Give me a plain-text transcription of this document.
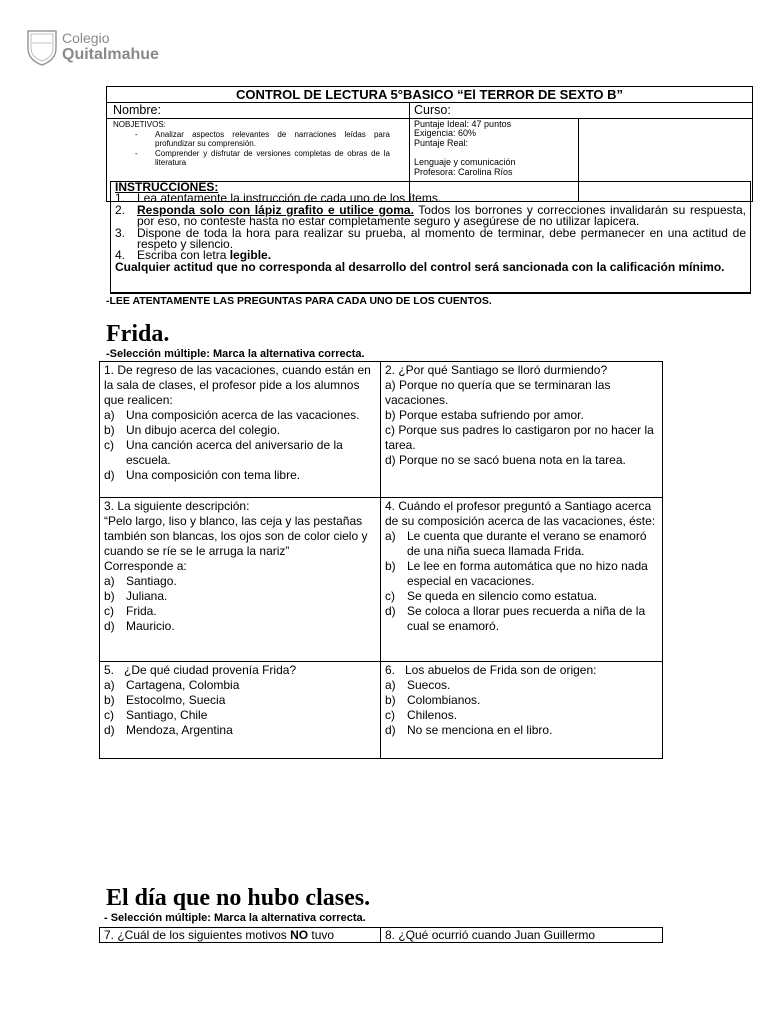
Colegio
Quitalmahue
CONTROL DE LECTURA 5°BASICO “El TERROR DE SEXTO B”
Nombre:	Curso:
NOBJETIVOS:
-	Analizar aspectos relevantes de narraciones leídas para profundizar su comprensión.
-	Comprender y disfrutar de versiones completas de obras de la literatura
Puntaje Ideal: 47 puntos
Exigencia: 60%
Puntaje Real:
Lenguaje y comunicación
Profesora: Carolina Ríos
INSTRUCCIONES:
1. Lea atentamente la instrucción de cada uno de los ítems.
2. Responda solo con lápiz grafito e utilice goma. Todos los borrones y correcciones invalidarán su respuesta, por eso, no conteste hasta no estar completamente seguro y asegúrese de no utilizar lapicera.
3. Dispone de toda la hora para realizar su prueba, al momento de terminar, debe permanecer en una actitud de respeto y silencio.
4. Escriba con letra legible.
Cualquier actitud que no corresponda al desarrollo del control será sancionada con la calificación mínimo.
-LEE ATENTAMENTE LAS PREGUNTAS PARA CADA UNO DE LOS CUENTOS.
Frida.
-Selección múltiple: Marca la alternativa correcta.
1. De regreso de las vacaciones, cuando están en la sala de clases, el profesor pide a los alumnos que realicen:
a) Una composición acerca de las vacaciones.
b) Un dibujo acerca del colegio.
c)	Una canción acerca del aniversario de la escuela.
d) Una composición con tema libre.
2. ¿Por qué Santiago se lloró durmiendo?
a) Porque no quería que se terminaran las vacaciones.
b) Porque estaba sufriendo por amor.
c) Porque sus padres lo castigaron por no hacer la tarea.
d) Porque no se sacó buena nota en la tarea.
3. La siguiente descripción:
“Pelo largo, liso y blanco, las ceja y las pestañas también son blancas, los ojos son de color cielo y cuando se ríe se le arruga la nariz”
Corresponde a:
a) Santiago.
b) Juliana.
c)	Frida.
d) Mauricio.
4. Cuándo el profesor preguntó a Santiago acerca de su composición acerca de las vacaciones, éste:
a) Le cuenta que durante el verano se enamoró de una niña sueca llamada Frida.
b) Le lee en forma automática que no hizo nada especial en vacaciones.
c)	Se queda en silencio como estatua.
d) Se coloca a llorar pues recuerda a niña de la cual se enamoró.
5.   ¿De qué ciudad provenía Frida?
a) Cartagena, Colombia
b) Estocolmo, Suecia
c)	Santiago, Chile
d) Mendoza, Argentina
6.   Los abuelos de Frida son de origen:
a) Suecos.
b) Colombianos.
c)	Chilenos.
d) No se menciona en el libro.
El día que no hubo clases.
- Selección múltiple: Marca la alternativa correcta.
7. ¿Cuál de los siguientes motivos NO tuvo	8. ¿Qué ocurrió cuando Juan Guillermo
